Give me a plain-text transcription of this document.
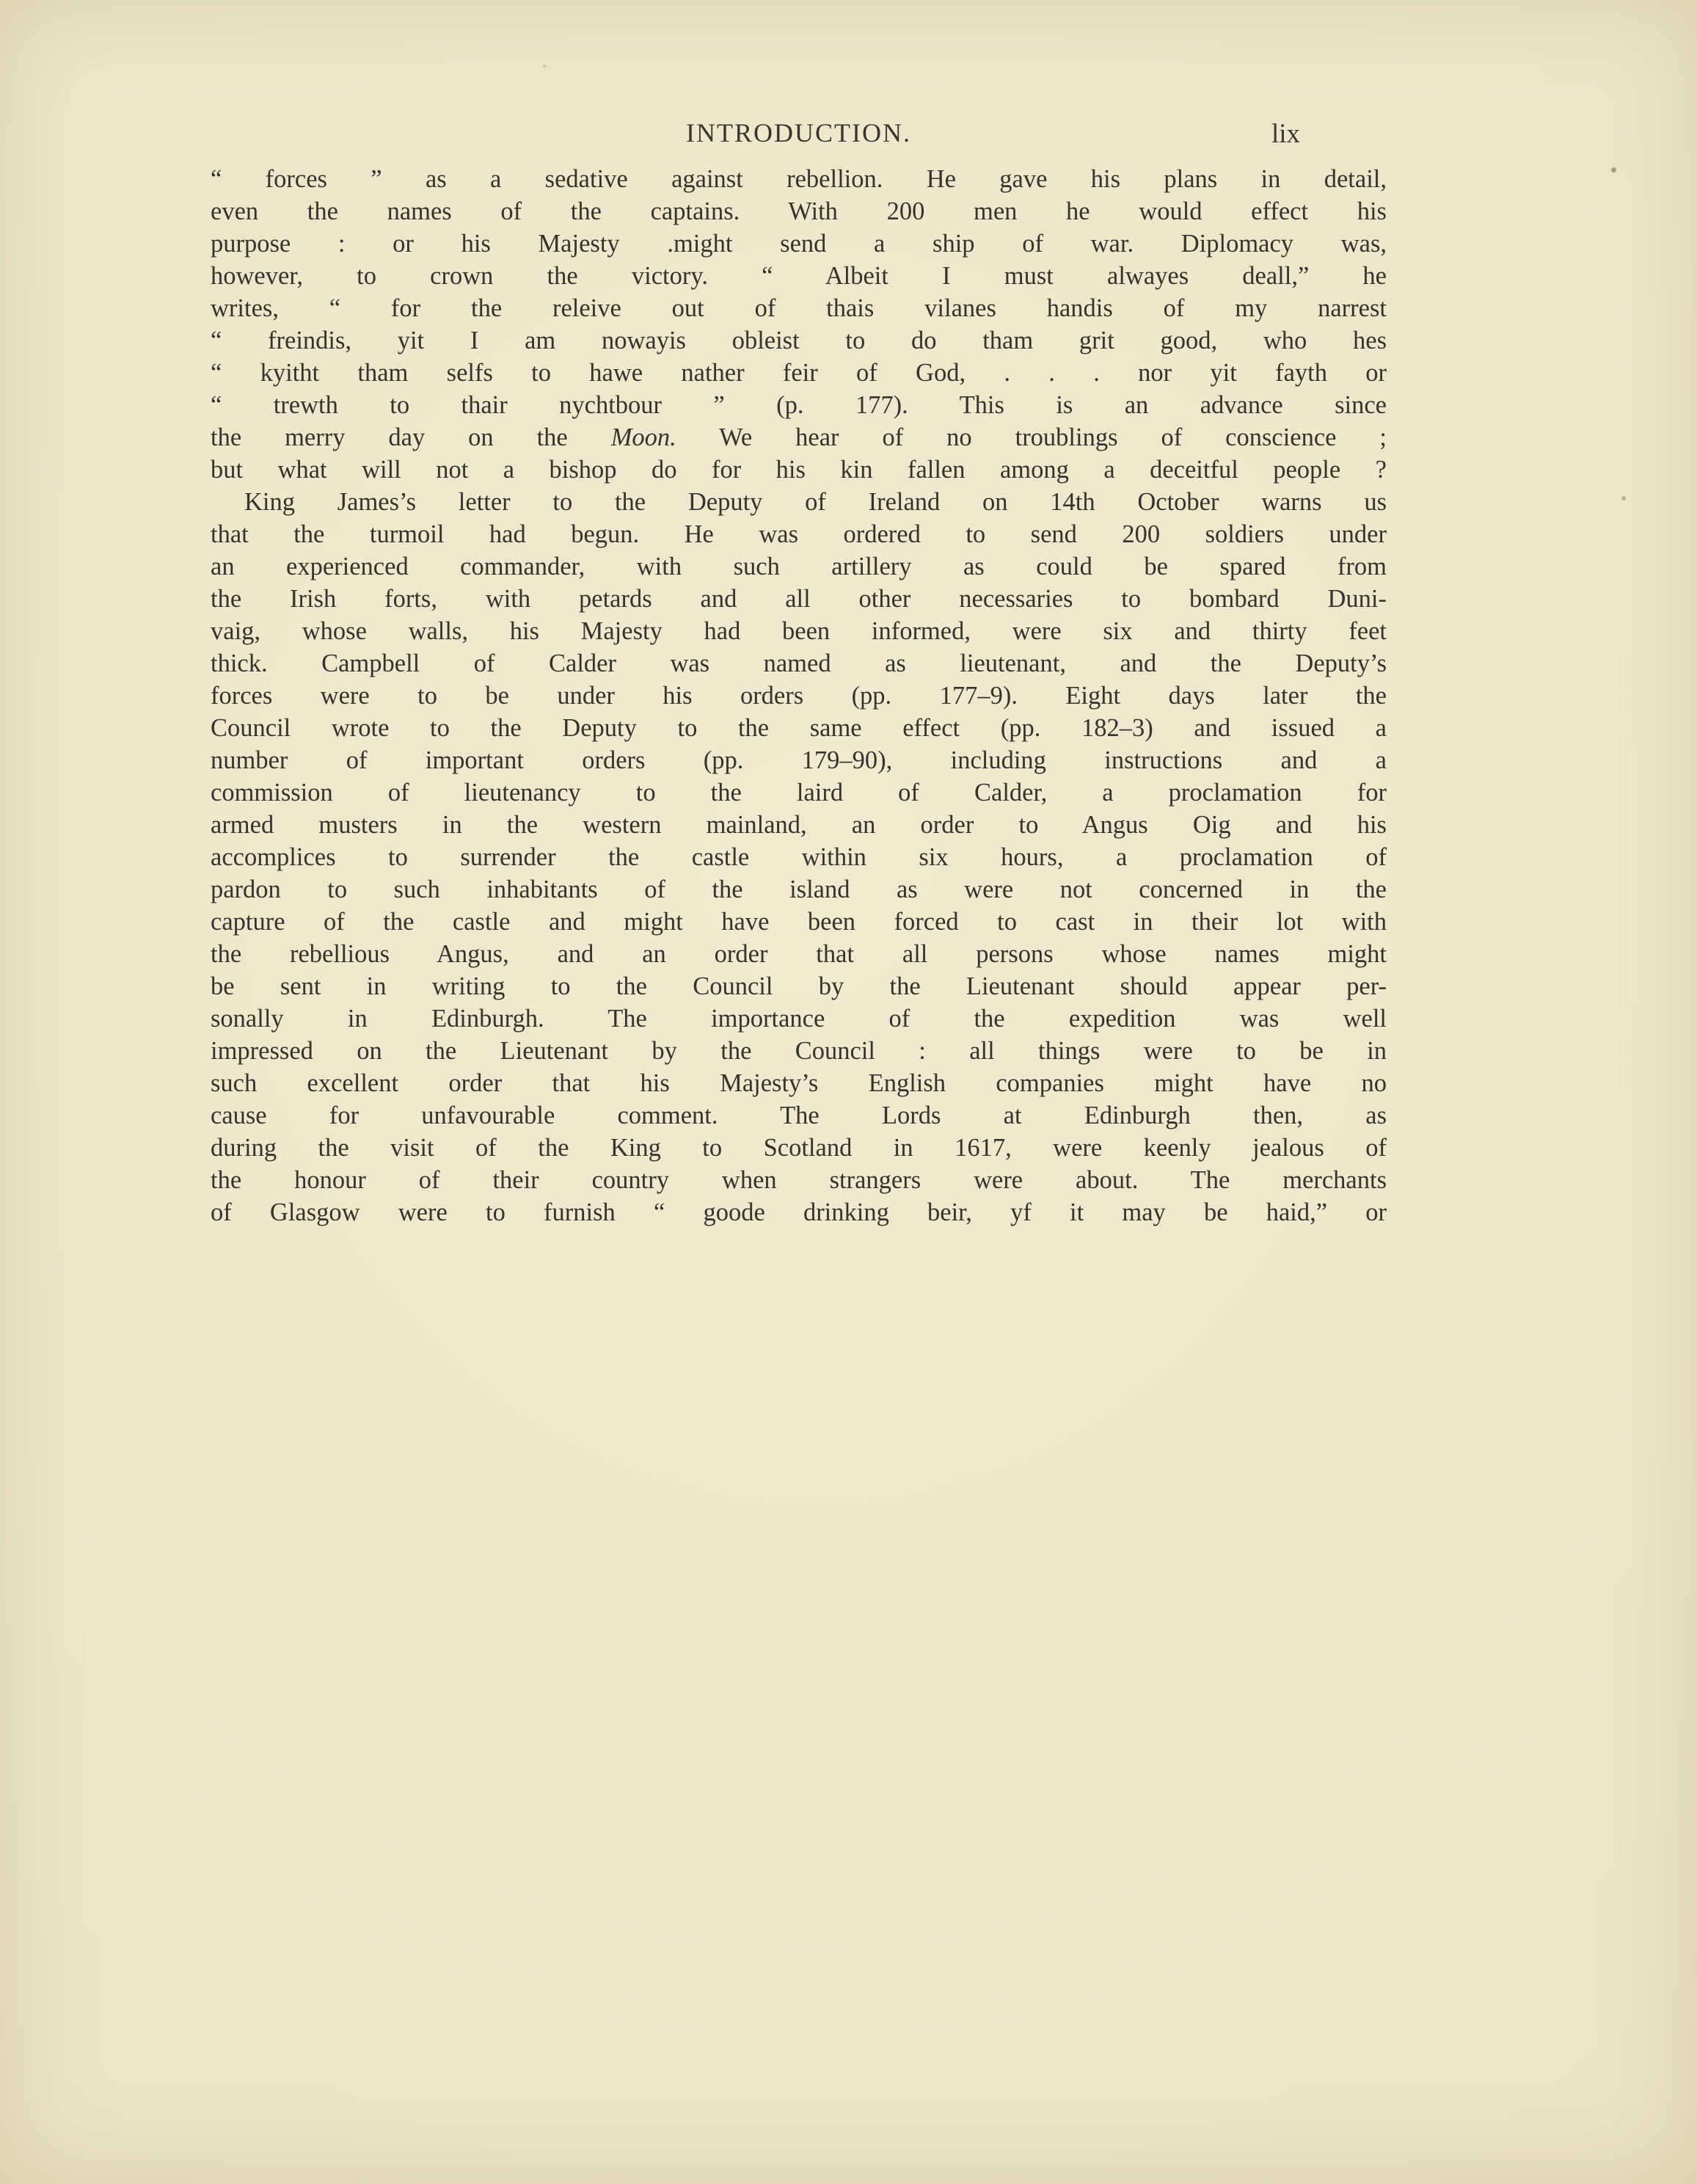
INTRODUCTION.	lix
“ forces ” as a sedative against rebellion. He gave his plans in detail,
even the names of the captains. With 200 men he would effect his
purpose : or his Majesty .might send a ship of war. Diplomacy was,
however, to crown the victory. “ Albeit I must alwayes deall,” he
writes, “ for the releive out of thais vilanes handis of my narrest
“ freindis, yit I am nowayis obleist to do tham grit good, who hes
“ kyitht tham selfs to hawe nather feir of God, . . . nor yit fayth or
“ trewth to thair nychtbour ” (p. 177). This is an advance since
the merry day on the Moon. We hear of no troublings of conscience ;
but what will not a bishop do for his kin fallen among a deceitful people ?
King James’s letter to the Deputy of Ireland on 14th October warns us
that the turmoil had begun. He was ordered to send 200 soldiers under
an experienced commander, with such artillery as could be spared from
the Irish forts, with petards and all other necessaries to bombard Duni-
vaig, whose walls, his Majesty had been informed, were six and thirty feet
thick. Campbell of Calder was named as lieutenant, and the Deputy’s
forces were to be under his orders (pp. 177–9). Eight days later the
Council wrote to the Deputy to the same effect (pp. 182–3) and issued a
number of important orders (pp. 179–90), including instructions and a
commission of lieutenancy to the laird of Calder, a proclamation for
armed musters in the western mainland, an order to Angus Oig and his
accomplices to surrender the castle within six hours, a proclamation of
pardon to such inhabitants of the island as were not concerned in the
capture of the castle and might have been forced to cast in their lot with
the rebellious Angus, and an order that all persons whose names might
be sent in writing to the Council by the Lieutenant should appear per-
sonally in Edinburgh. The importance of the expedition was well
impressed on the Lieutenant by the Council : all things were to be in
such excellent order that his Majesty’s English companies might have no
cause for unfavourable comment. The Lords at Edinburgh then, as
during the visit of the King to Scotland in 1617, were keenly jealous of
the honour of their country when strangers were about. The merchants
of Glasgow were to furnish “ goode drinking beir, yf it may be haid,” or
